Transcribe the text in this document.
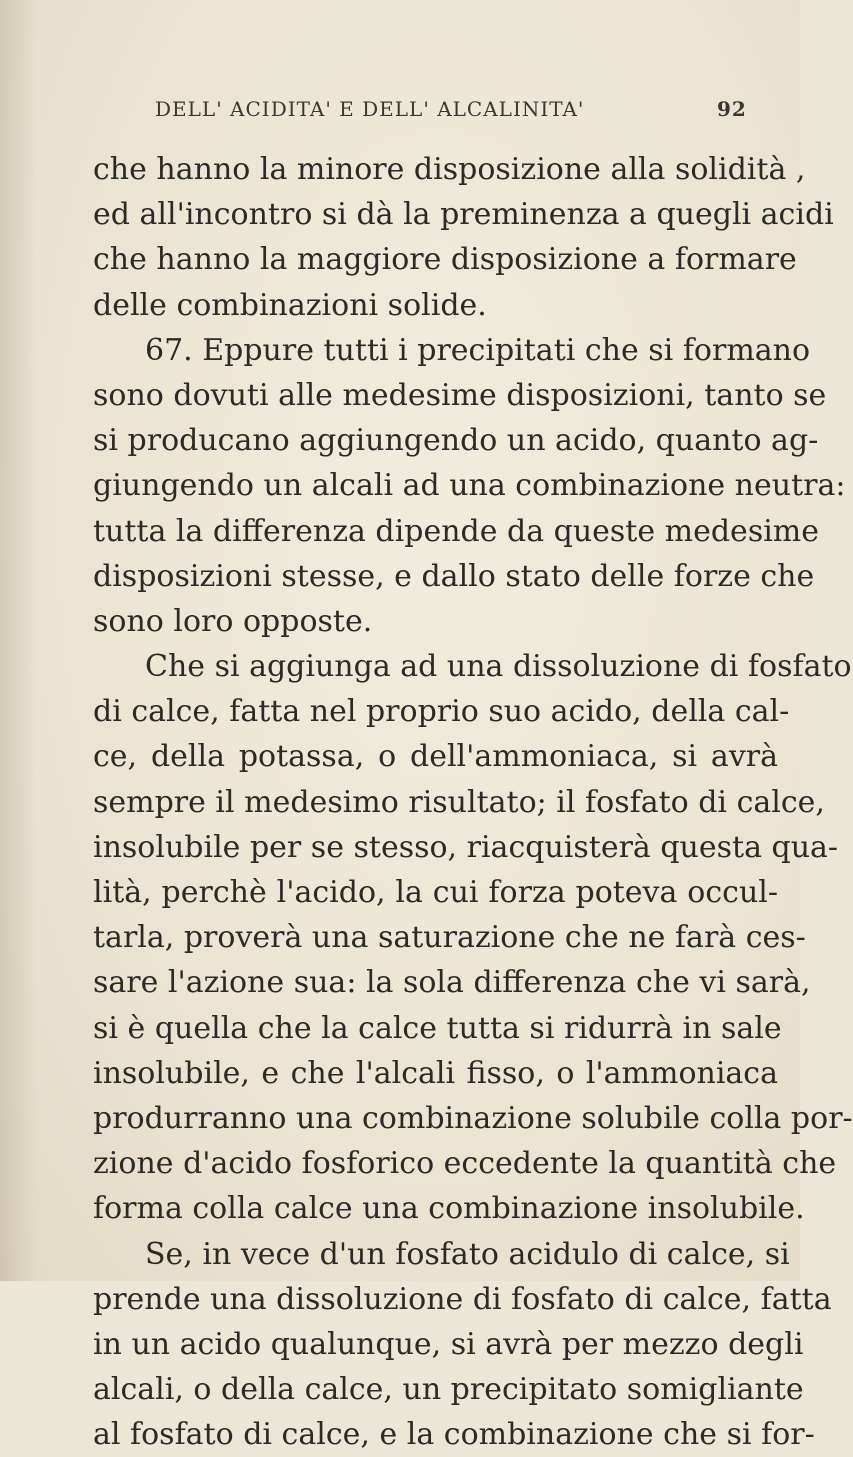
DELL' ACIDITA' E DELL' ALCALINITA'	92
che hanno la minore disposizione alla solidità ,
ed all'incontro si dà la preminenza a quegli acidi
che hanno la maggiore disposizione a formare
delle combinazioni solide.
67. Eppure tutti i precipitati che si formano
sono dovuti alle medesime disposizioni, tanto se
si producano aggiungendo un acido, quanto ag-
giungendo un alcali ad una combinazione neutra:
tutta la differenza dipende da queste medesime
disposizioni stesse, e dallo stato delle forze che
sono loro opposte.
Che si aggiunga ad una dissoluzione di fosfato
di calce, fatta nel proprio suo acido, della cal-
ce, della potassa, o dell'ammoniaca, si avrà
sempre il medesimo risultato; il fosfato di calce,
insolubile per se stesso, riacquisterà questa qua-
lità, perchè l'acido, la cui forza poteva occul-
tarla, proverà una saturazione che ne farà ces-
sare l'azione sua: la sola differenza che vi sarà,
si è quella che la calce tutta si ridurrà in sale
insolubile, e che l'alcali fisso, o l'ammoniaca
produrranno una combinazione solubile colla por-
zione d'acido fosforico eccedente la quantità che
forma colla calce una combinazione insolubile.
Se, in vece d'un fosfato acidulo di calce, si
prende una dissoluzione di fosfato di calce, fatta
in un acido qualunque, si avrà per mezzo degli
alcali, o della calce, un precipitato somigliante
al fosfato di calce, e la combinazione che si for-
